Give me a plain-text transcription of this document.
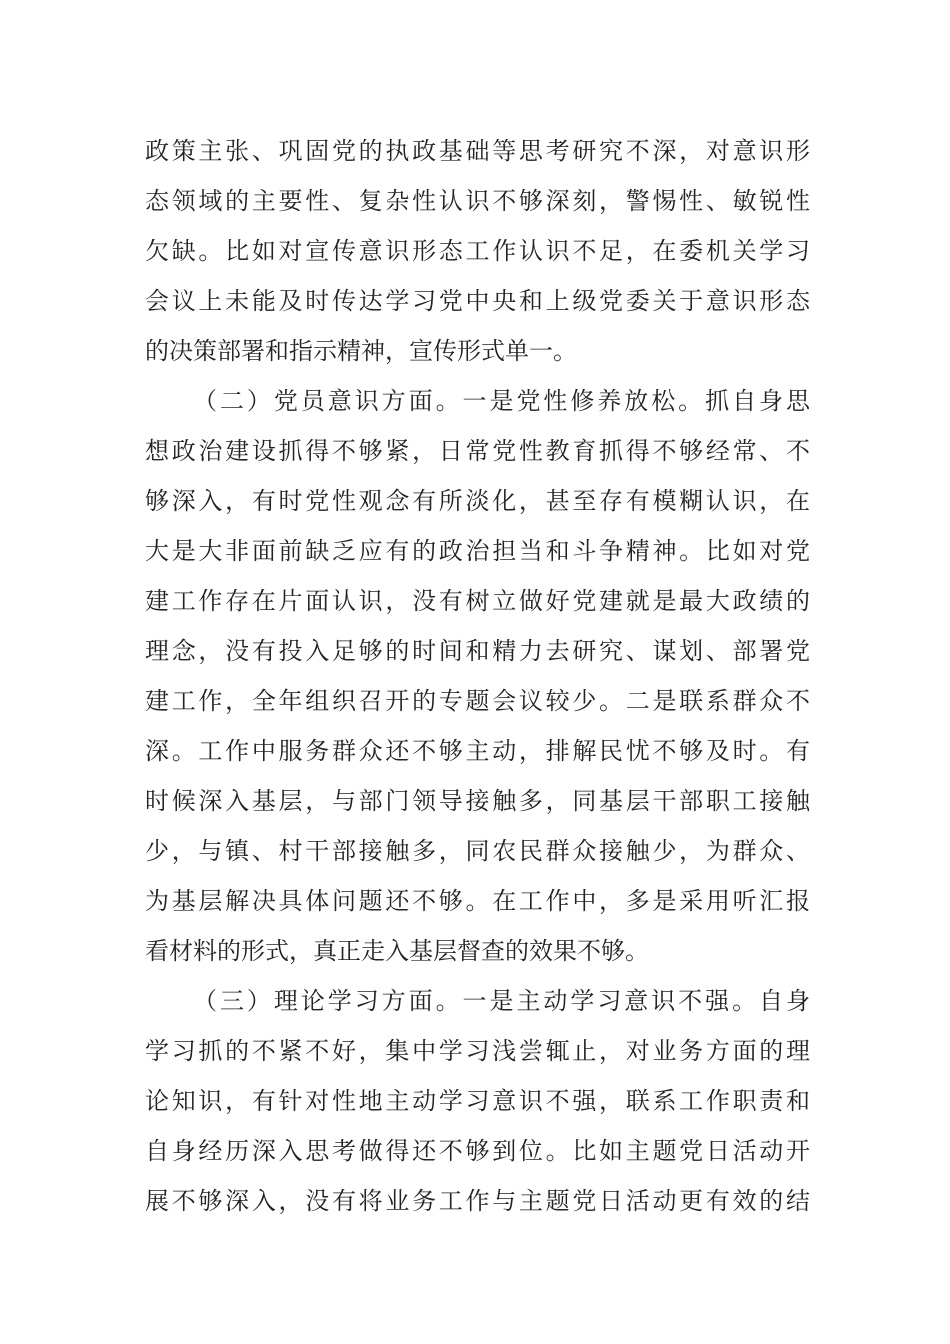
政策主张、巩固党的执政基础等思考研究不深，对意识形
态领域的主要性、复杂性认识不够深刻，警惕性、敏锐性
欠缺。比如对宣传意识形态工作认识不足，在委机关学习
会议上未能及时传达学习党中央和上级党委关于意识形态
的决策部署和指示精神，宣传形式单一。
（二）党员意识方面。一是党性修养放松。抓自身思
想政治建设抓得不够紧，日常党性教育抓得不够经常、不
够深入，有时党性观念有所淡化，甚至存有模糊认识，在
大是大非面前缺乏应有的政治担当和斗争精神。比如对党
建工作存在片面认识，没有树立做好党建就是最大政绩的
理念，没有投入足够的时间和精力去研究、谋划、部署党
建工作，全年组织召开的专题会议较少。二是联系群众不
深。工作中服务群众还不够主动，排解民忧不够及时。有
时候深入基层，与部门领导接触多，同基层干部职工接触
少，与镇、村干部接触多，同农民群众接触少，为群众、
为基层解决具体问题还不够。在工作中，多是采用听汇报
看材料的形式，真正走入基层督查的效果不够。
（三）理论学习方面。一是主动学习意识不强。自身
学习抓的不紧不好，集中学习浅尝辄止，对业务方面的理
论知识，有针对性地主动学习意识不强，联系工作职责和
自身经历深入思考做得还不够到位。比如主题党日活动开
展不够深入，没有将业务工作与主题党日活动更有效的结
